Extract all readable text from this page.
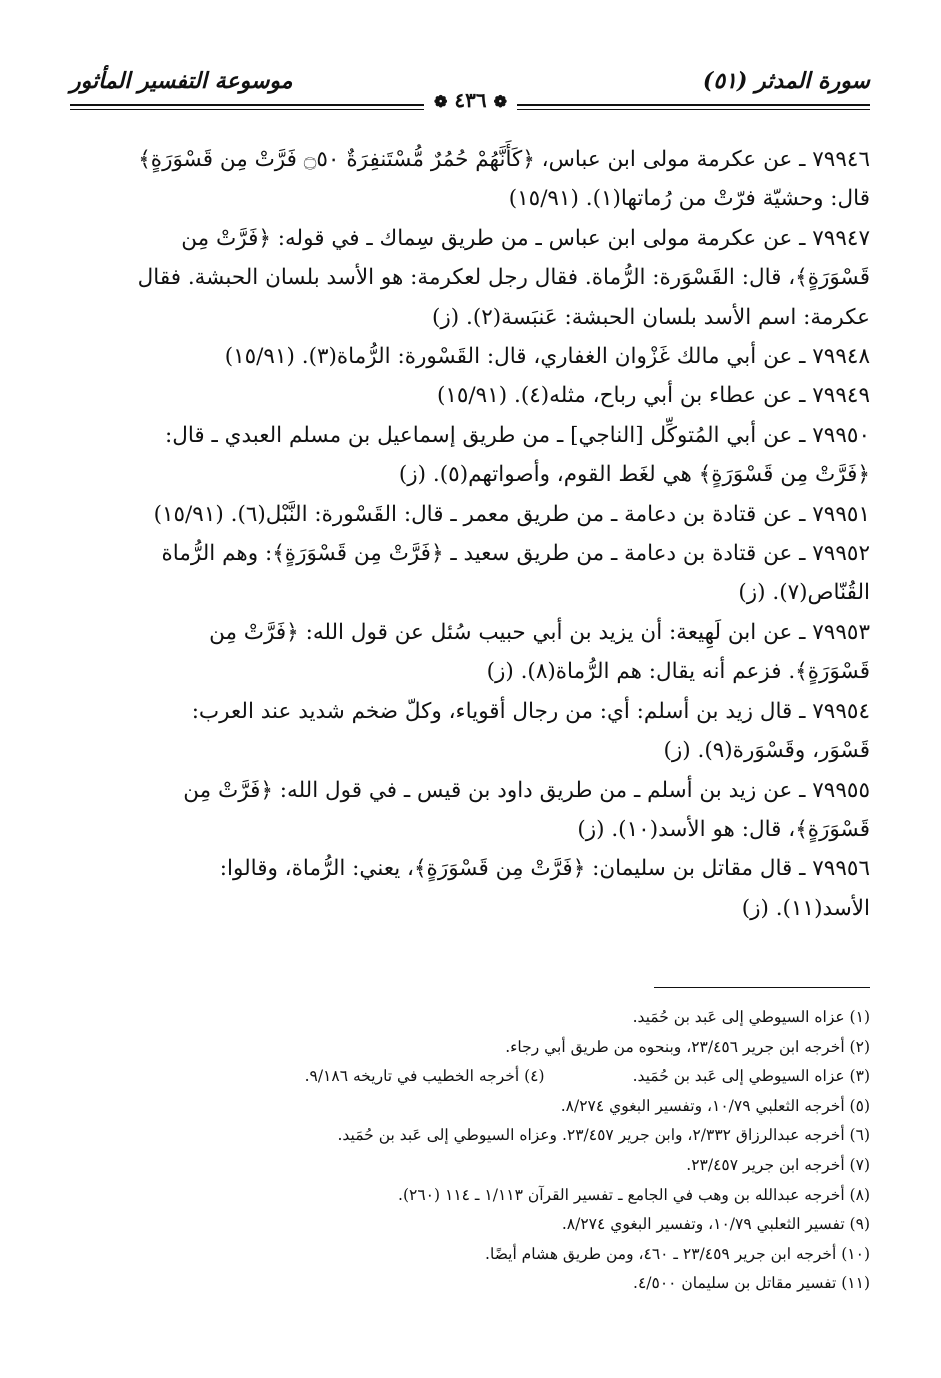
سورة المدثر (٥١)
موسوعة التفسير المأثور
❁ ٤٣٦ ❁

٧٩٩٤٦ ـ عن عكرمة مولى ابن عباس، ﴿كَأَنَّهُمْ حُمُرٌ مُّسْتَنفِرَةٌ ۝٥٠ فَرَّتْ مِن قَسْوَرَةٍ﴾
قال: وحشيّة فرّتْ من رُماتها(١). (١٥/٩١)

٧٩٩٤٧ ـ عن عكرمة مولى ابن عباس ـ من طريق سِماك ـ في قوله: ﴿فَرَّتْ مِن
قَسْوَرَةٍ﴾، قال: القَسْوَرة: الرُّماة. فقال رجل لعكرمة: هو الأسد بلسان الحبشة. فقال
عكرمة: اسم الأسد بلسان الحبشة: عَنبَسة(٢). (ز)

٧٩٩٤٨ ـ عن أبي مالك غَزْوان الغفاري، قال: القَسْورة: الرُّماة(٣). (١٥/٩١)

٧٩٩٤٩ ـ عن عطاء بن أبي رباح، مثله(٤). (١٥/٩١)

٧٩٩٥٠ ـ عن أبي المُتوكِّل [الناجي] ـ من طريق إسماعيل بن مسلم العبدي ـ قال:
﴿فَرَّتْ مِن قَسْوَرَةٍ﴾ هي لغَط القوم، وأصواتهم(٥). (ز)

٧٩٩٥١ ـ عن قتادة بن دعامة ـ من طريق معمر ـ قال: القَسْورة: النَّبْل(٦). (١٥/٩١)

٧٩٩٥٢ ـ عن قتادة بن دعامة ـ من طريق سعيد ـ ﴿فَرَّتْ مِن قَسْوَرَةٍ﴾: وهم الرُّماة
القُنّاص(٧). (ز)

٧٩٩٥٣ ـ عن ابن لَهِيعة: أن يزيد بن أبي حبيب سُئل عن قول الله: ﴿فَرَّتْ مِن
قَسْوَرَةٍ﴾. فزعم أنه يقال: هم الرُّماة(٨). (ز)

٧٩٩٥٤ ـ قال زيد بن أسلم: أي: من رجال أقوياء، وكلّ ضخم شديد عند العرب:
قَسْوَر، وقَسْوَرة(٩). (ز)

٧٩٩٥٥ ـ عن زيد بن أسلم ـ من طريق داود بن قيس ـ في قول الله: ﴿فَرَّتْ مِن
قَسْوَرَةٍ﴾، قال: هو الأسد(١٠). (ز)

٧٩٩٥٦ ـ قال مقاتل بن سليمان: ﴿فَرَّتْ مِن قَسْوَرَةٍ﴾، يعني: الرُّماة، وقالوا:
الأسد(١١). (ز)

(١) عزاه السيوطي إلى عَبد بن حُمَيد.

(٢) أخرجه ابن جرير ٢٣/٤٥٦، وبنحوه من طريق أبي رجاء.

(٣) عزاه السيوطي إلى عَبد بن حُمَيد.

(٤) أخرجه الخطيب في تاريخه ٩/١٨٦.

(٥) أخرجه الثعلبي ١٠/٧٩، وتفسير البغوي ٨/٢٧٤.

(٦) أخرجه عبدالرزاق ٢/٣٣٢، وابن جرير ٢٣/٤٥٧. وعزاه السيوطي إلى عَبد بن حُمَيد.

(٧) أخرجه ابن جرير ٢٣/٤٥٧.

(٨) أخرجه عبدالله بن وهب في الجامع ـ تفسير القرآن ١/١١٣ ـ ١١٤ (٢٦٠).

(٩) تفسير الثعلبي ١٠/٧٩، وتفسير البغوي ٨/٢٧٤.

(١٠) أخرجه ابن جرير ٢٣/٤٥٩ ـ ٤٦٠، ومن طريق هشام أيضًا.

(١١) تفسير مقاتل بن سليمان ٤/٥٠٠.
